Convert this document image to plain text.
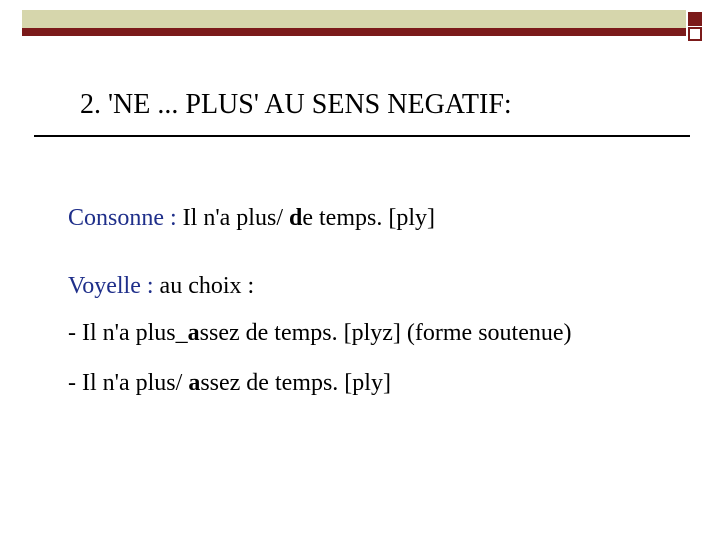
2. 'NE ... PLUS' AU SENS NEGATIF:
Consonne : Il n'a plus/ de temps. [ply]
Voyelle : au choix :
- Il n'a plus_assez de temps. [plyz] (forme soutenue)
- Il n'a plus/ assez de temps. [ply]
